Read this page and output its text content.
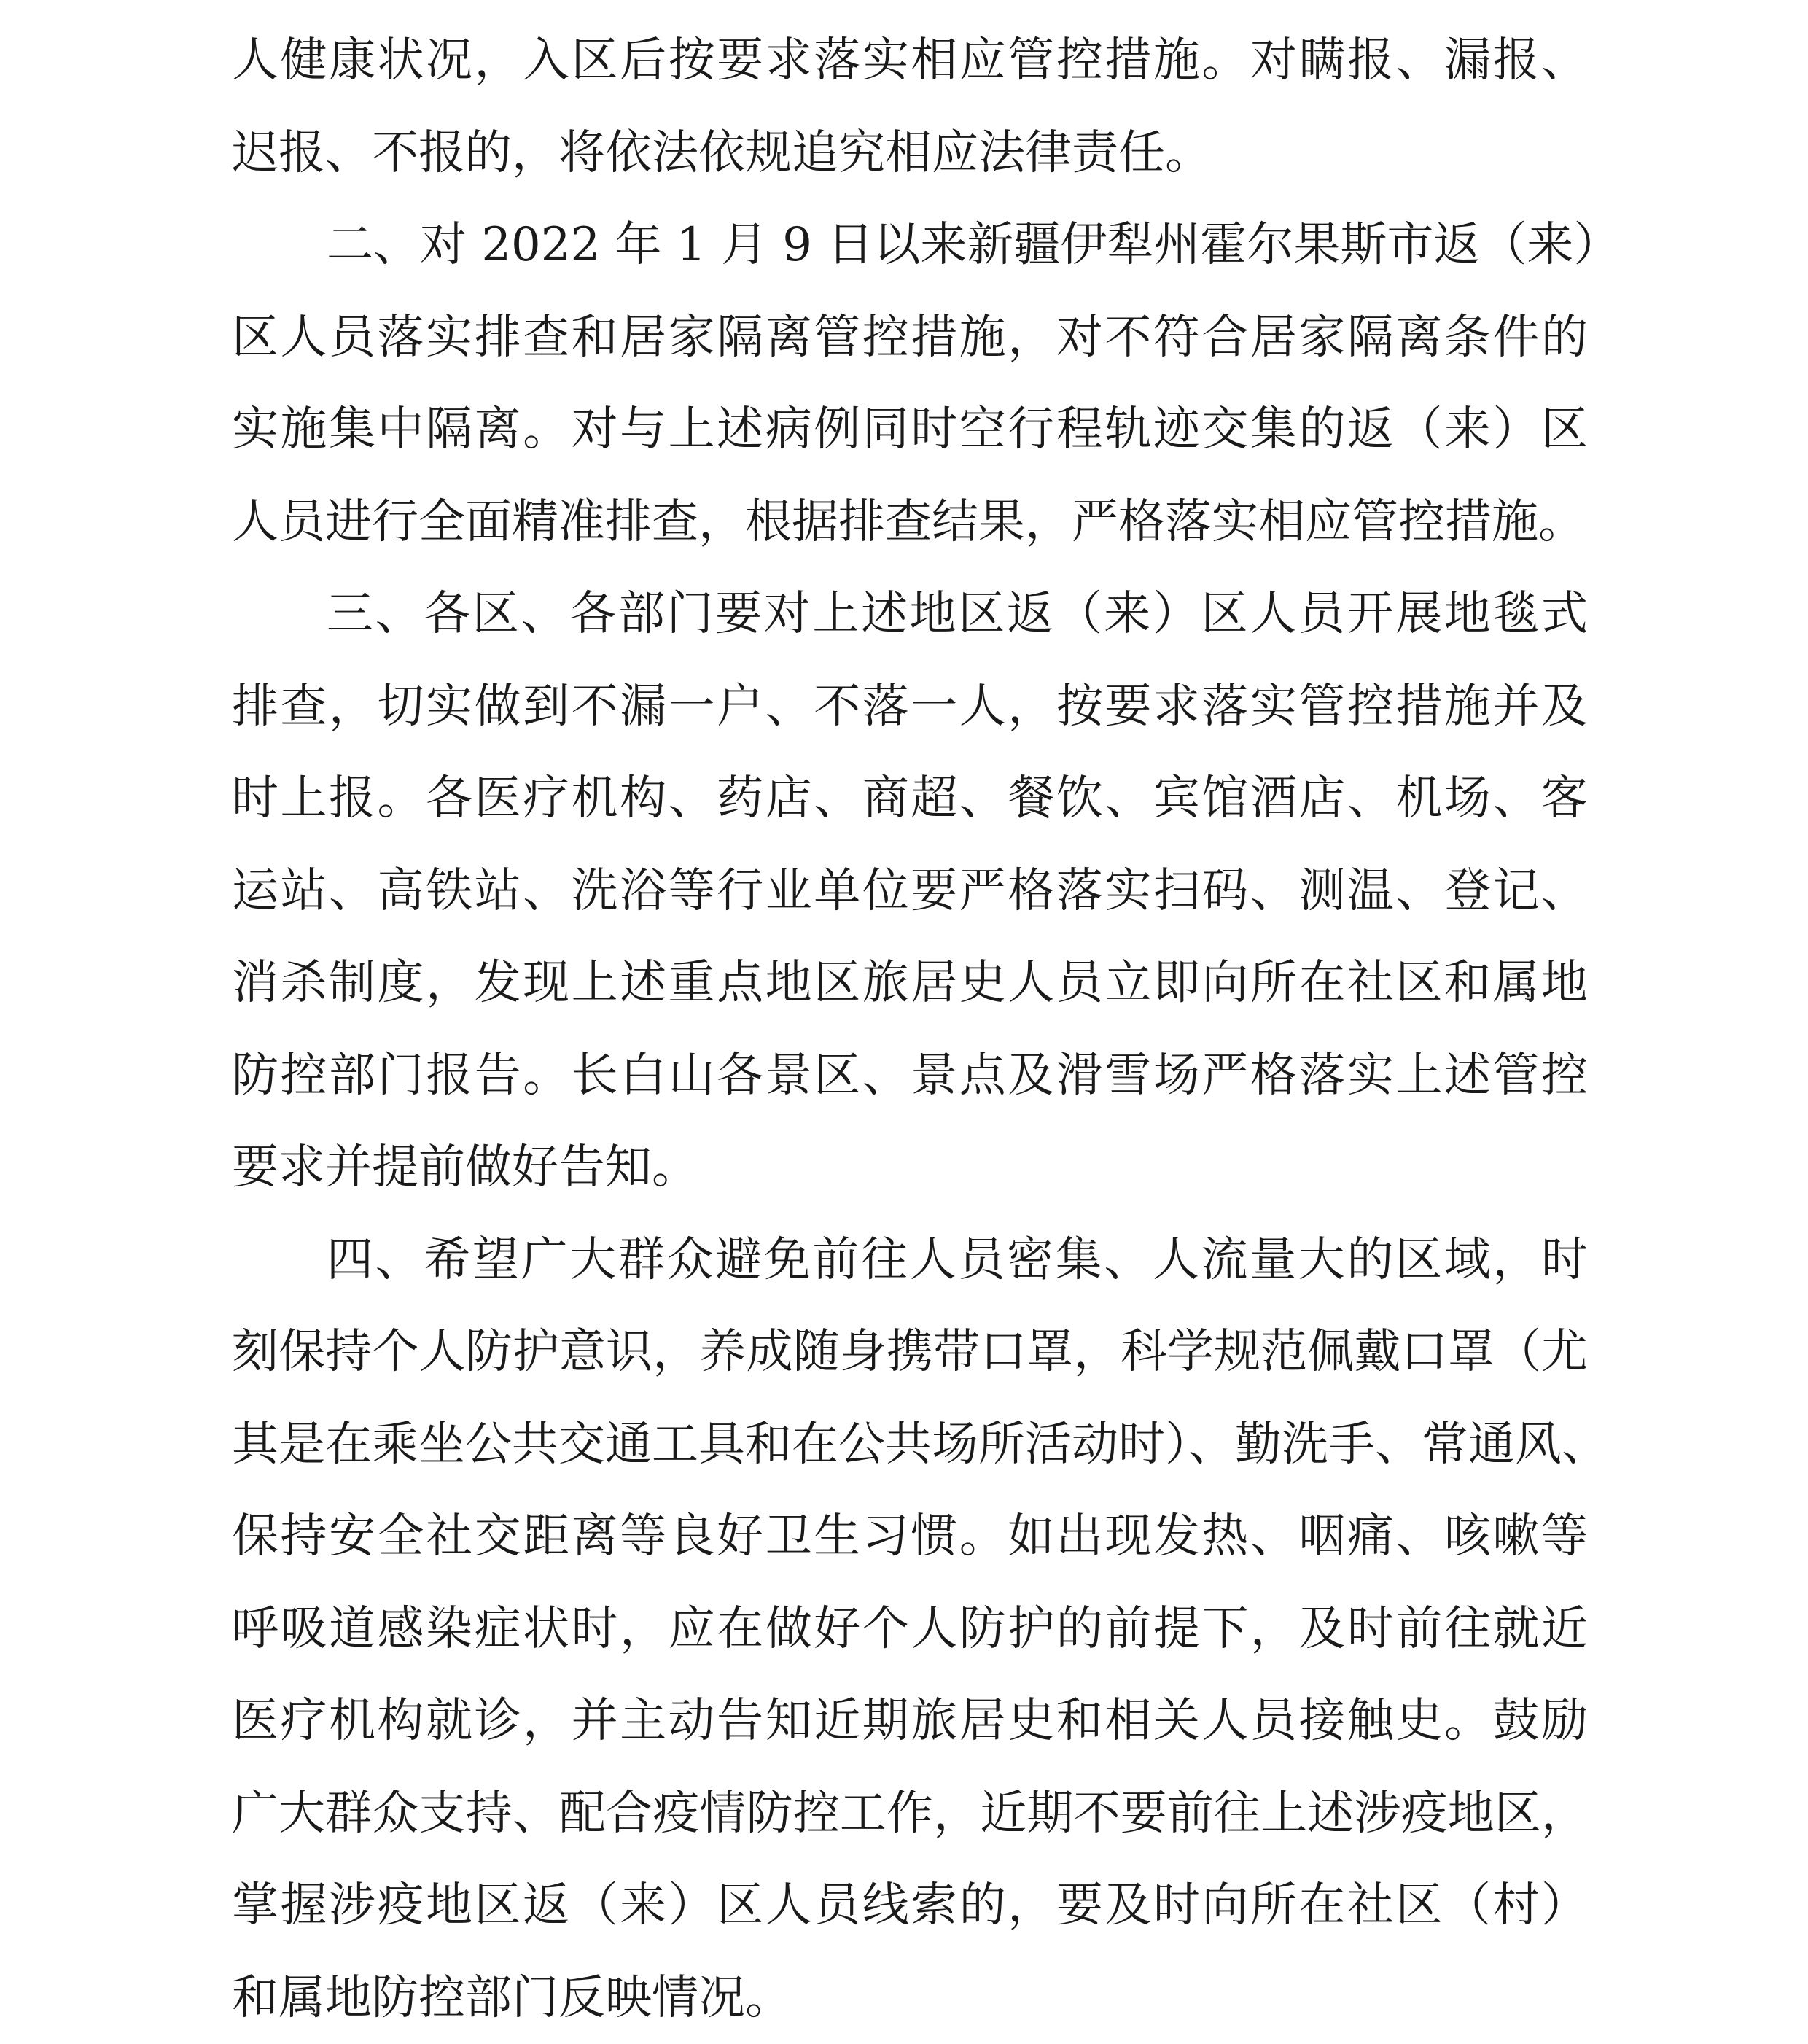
人健康状况，入区后按要求落实相应管控措施。对瞒报、漏报、
迟报、不报的，将依法依规追究相应法律责任。
二、对 2022 年 1 月 9 日以来新疆伊犁州霍尔果斯市返（来）
区人员落实排查和居家隔离管控措施，对不符合居家隔离条件的
实施集中隔离。对与上述病例同时空行程轨迹交集的返（来）区
人员进行全面精准排查，根据排查结果，严格落实相应管控措施。
三、各区、各部门要对上述地区返（来）区人员开展地毯式
排查，切实做到不漏一户、不落一人，按要求落实管控措施并及
时上报。各医疗机构、药店、商超、餐饮、宾馆酒店、机场、客
运站、高铁站、洗浴等行业单位要严格落实扫码、测温、登记、
消杀制度，发现上述重点地区旅居史人员立即向所在社区和属地
防控部门报告。长白山各景区、景点及滑雪场严格落实上述管控
要求并提前做好告知。
四、希望广大群众避免前往人员密集、人流量大的区域，时
刻保持个人防护意识，养成随身携带口罩，科学规范佩戴口罩（尤
其是在乘坐公共交通工具和在公共场所活动时）、勤洗手、常通风、
保持安全社交距离等良好卫生习惯。如出现发热、咽痛、咳嗽等
呼吸道感染症状时，应在做好个人防护的前提下，及时前往就近
医疗机构就诊，并主动告知近期旅居史和相关人员接触史。鼓励
广大群众支持、配合疫情防控工作，近期不要前往上述涉疫地区，
掌握涉疫地区返（来）区人员线索的，要及时向所在社区（村）
和属地防控部门反映情况。
